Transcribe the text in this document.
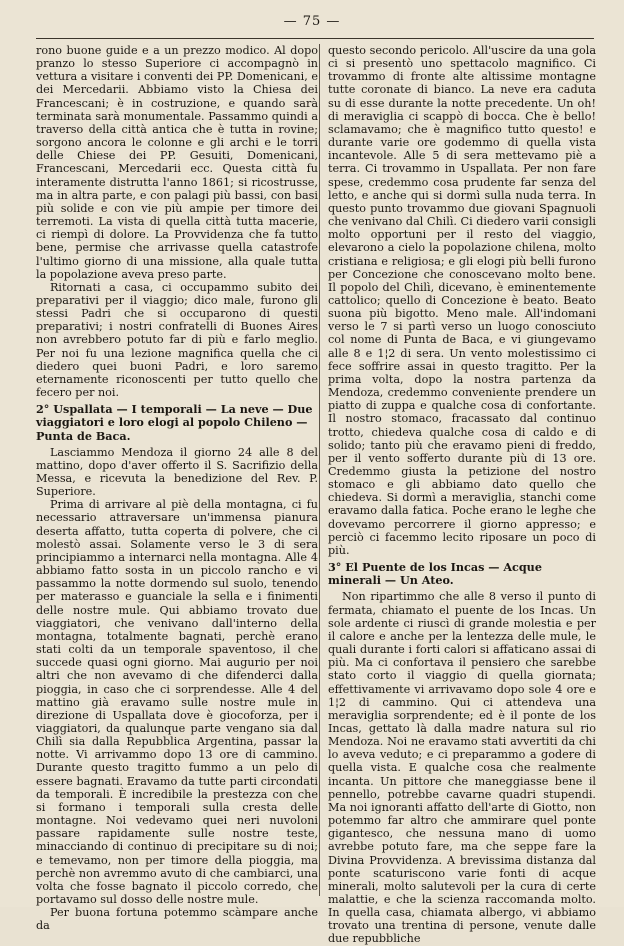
— 75 —

rono buone guide e a un prezzo modico. Al dopo pranzo lo stesso Superiore ci accompagnò in vettura a visitare i conventi dei PP. Domenicani, e dei Mercedarii. Abbiamo visto la Chiesa dei Francescani; è in costruzione, e quando sarà terminata sarà monumentale. Passammo quindi a traverso della città antica che è tutta in rovine; sorgono ancora le colonne e gli archi e le torri delle Chiese dei PP. Gesuiti, Domenicani, Francescani, Mercedarii ecc. Questa città fu interamente distrutta l'anno 1861; si ricostrusse, ma in altra parte, e con palagi più bassi, con basi più solide e con vie più ampie per timore dei terremoti. La vista di quella città tutta macerie, ci riempì di dolore. La Provvidenza che fa tutto bene, permise che arrivasse quella catastrofe l'ultimo giorno di una missione, alla quale tutta la popolazione aveva preso parte.

Ritornati a casa, ci occupammo subito dei preparativi per il viaggio; dico male, furono gli stessi Padri che si occuparono di questi preparativi; i nostri confratelli di Buones Aires non avrebbero potuto far di più e farlo meglio. Per noi fu una lezione magnifica quella che ci diedero quei buoni Padri, e loro saremo eternamente riconoscenti per tutto quello che fecero per noi.

2° Uspallata — I temporali — La neve — Due viaggiatori e loro elogi al popolo Chileno — Punta de Baca.

Lasciammo Mendoza il giorno 24 alle 8 del mattino, dopo d'aver offerto il S. Sacrifizio della Messa, e ricevuta la benedizione del Rev. P. Superiore.

Prima di arrivare al piè della montagna, ci fu necessario attraversare un'immensa pianura deserta affatto, tutta coperta di polvere, che ci molestò assai. Solamente verso le 3 di sera principiammo a internarci nella montagna. Alle 4 abbiamo fatto sosta in un piccolo rancho e vi passammo la notte dormendo sul suolo, tenendo per materasso e guanciale la sella e i finimenti delle nostre mule. Qui abbiamo trovato due viaggiatori, che venivano dall'interno della montagna, totalmente bagnati, perchè erano stati colti da un temporale spaventoso, il che succede quasi ogni giorno. Mai augurio per noi altri che non avevamo di che difenderci dalla pioggia, in caso che ci sorprendesse. Alle 4 del mattino già eravamo sulle nostre mule in direzione di Uspallata dove è giocoforza, per i viaggiatori, da qualunque parte vengano sia dal Chilì sia dalla Repubblica Argentina, passar la notte. Vi arrivammo dopo 13 ore di cammino. Durante questo tragitto fummo a un pelo di essere bagnati. Eravamo da tutte parti circondati da temporali. È incredibile la prestezza con che si formano i temporali sulla cresta delle montagne. Noi vedevamo quei neri nuvoloni passare rapidamente sulle nostre teste, minacciando di continuo di precipitare su di noi; e temevamo, non per timore della pioggia, ma perchè non avremmo avuto di che cambiarci, una volta che fosse bagnato il piccolo corredo, che portavamo sul dosso delle nostre mule.

Per buona fortuna potemmo scàmpare anche da

questo secondo pericolo. All'uscire da una gola ci si presentò uno spettacolo magnifico. Ci trovammo di fronte alte altissime montagne tutte coronate di bianco. La neve era caduta su di esse durante la notte precedente. Un oh! di meraviglia ci scappò di bocca. Che è bello! sclamavamo; che è magnifico tutto questo! e durante varie ore godemmo di quella vista incantevole. Alle 5 di sera mettevamo piè a terra. Ci trovammo in Uspallata. Per non fare spese, credemmo cosa prudente far senza del letto, e anche qui si dormì sulla nuda terra. In questo punto trovammo due giovani Spagnuoli che venivano dal Chilì. Ci diedero varii consigli molto opportuni per il resto del viaggio, elevarono a cielo la popolazione chilena, molto cristiana e religiosa; e gli elogi più belli furono per Concezione che conoscevano molto bene. Il popolo del Chilì, dicevano, è eminentemente cattolico; quello di Concezione è beato. Beato suona più bigotto. Meno male. All'indomani verso le 7 si partì verso un luogo conosciuto col nome di Punta de Baca, e vi giungevamo alle 8 e 1¦2 di sera. Un vento molestissimo ci fece soffrire assai in questo tragitto. Per la prima volta, dopo la nostra partenza da Mendoza, credemmo conveniente prendere un piatto di zuppa e qualche cosa di confortante. Il nostro stomaco, fracassato dal continuo trotto, chiedeva qualche cosa di caldo e di solido; tanto più che eravamo pieni di freddo, per il vento sofferto durante più di 13 ore. Credemmo giusta la petizione del nostro stomaco e gli abbiamo dato quello che chiedeva. Si dormì a meraviglia, stanchi come eravamo dalla fatica. Poche erano le leghe che dovevamo percorrere il giorno appresso; e perciò ci facemmo lecito riposare un poco di più.

3° El Puente de los Incas — Acque minerali — Un Ateo.

Non ripartimmo che alle 8 verso il punto di fermata, chiamato el puente de los Incas. Un sole ardente ci riuscì di grande molestia e per il calore e anche per la lentezza delle mule, le quali durante i forti calori si affaticano assai di più. Ma ci confortava il pensiero che sarebbe stato corto il viaggio di quella giornata; effettivamente vi arrivavamo dopo sole 4 ore e 1¦2 di cammino. Qui ci attendeva una meraviglia sorprendente; ed è il ponte de los Incas, gettato là dalla madre natura sul rio Mendoza. Noi ne eravamo stati avvertiti da chi lo aveva veduto; e ci preparammo a godere di quella vista. E qualche cosa che realmente incanta. Un pittore che maneggiasse bene il pennello, potrebbe cavarne quadri stupendi. Ma noi ignoranti affatto dell'arte di Giotto, non potemmo far altro che ammirare quel ponte gigantesco, che nessuna mano di uomo avrebbe potuto fare, ma che seppe fare la Divina Provvidenza. A brevissima distanza dal ponte scaturiscono varie fonti di acque minerali, molto salutevoli per la cura di certe malattie, e che la scienza raccomanda molto. In quella casa, chiamata albergo, vi abbiamo trovato una trentina di persone, venute dalle due repubbliche
